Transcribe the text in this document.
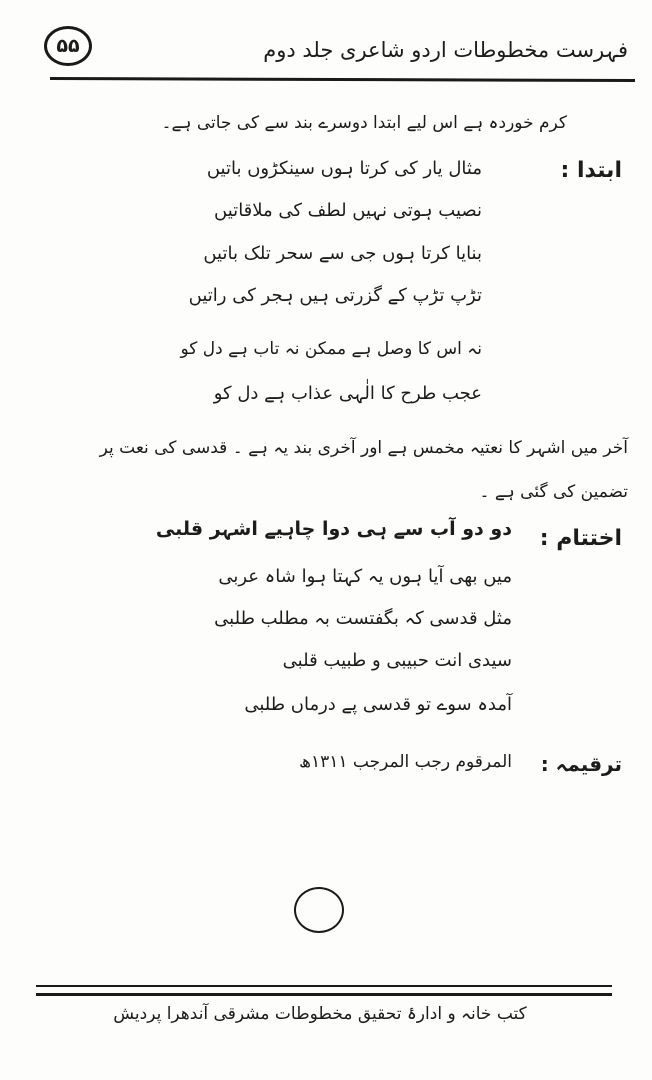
۵۵	فہرست مخطوطات اردو شاعری جلد دوم
کرم خوردہ ہے اس لیے ابتدا دوسرے بند سے کی جاتی ہے۔
ابتدا :
مثال یار کی کرتا ہوں سینکڑوں باتیں
نصیب ہوتی نہیں لطف کی ملاقاتیں
بنایا کرتا ہوں جی سے سحر تلک باتیں
تڑپ تڑپ کے گزرتی ہیں ہجر کی راتیں
نہ اس کا وصل ہے ممکن نہ تاب ہے دل کو
عجب طرح کا الٰہی عذاب ہے دل کو
آخر میں اشہر کا نعتیہ مخمس ہے اور آخری بند یہ ہے ۔ قدسی کی نعت پر
تضمین کی گئی ہے ۔
اختتام :
دو دو آب سے ہی دوا چاہیے اشہر قلبی
میں بھی آیا ہوں یہ کہتا ہوا شاہ عربی
مثل قدسی کہ بگفتست بہ مطلب طلبی
سیدی انت حبیبی و طبیب قلبی
آمدہ سوے تو قدسی پے درماں طلبی
ترقیمہ :
المرقوم رجب المرجب ۱۳۱۱ھ
کتب خانہ و ادارۂ تحقیق مخطوطات مشرقی آندھرا پردیش
